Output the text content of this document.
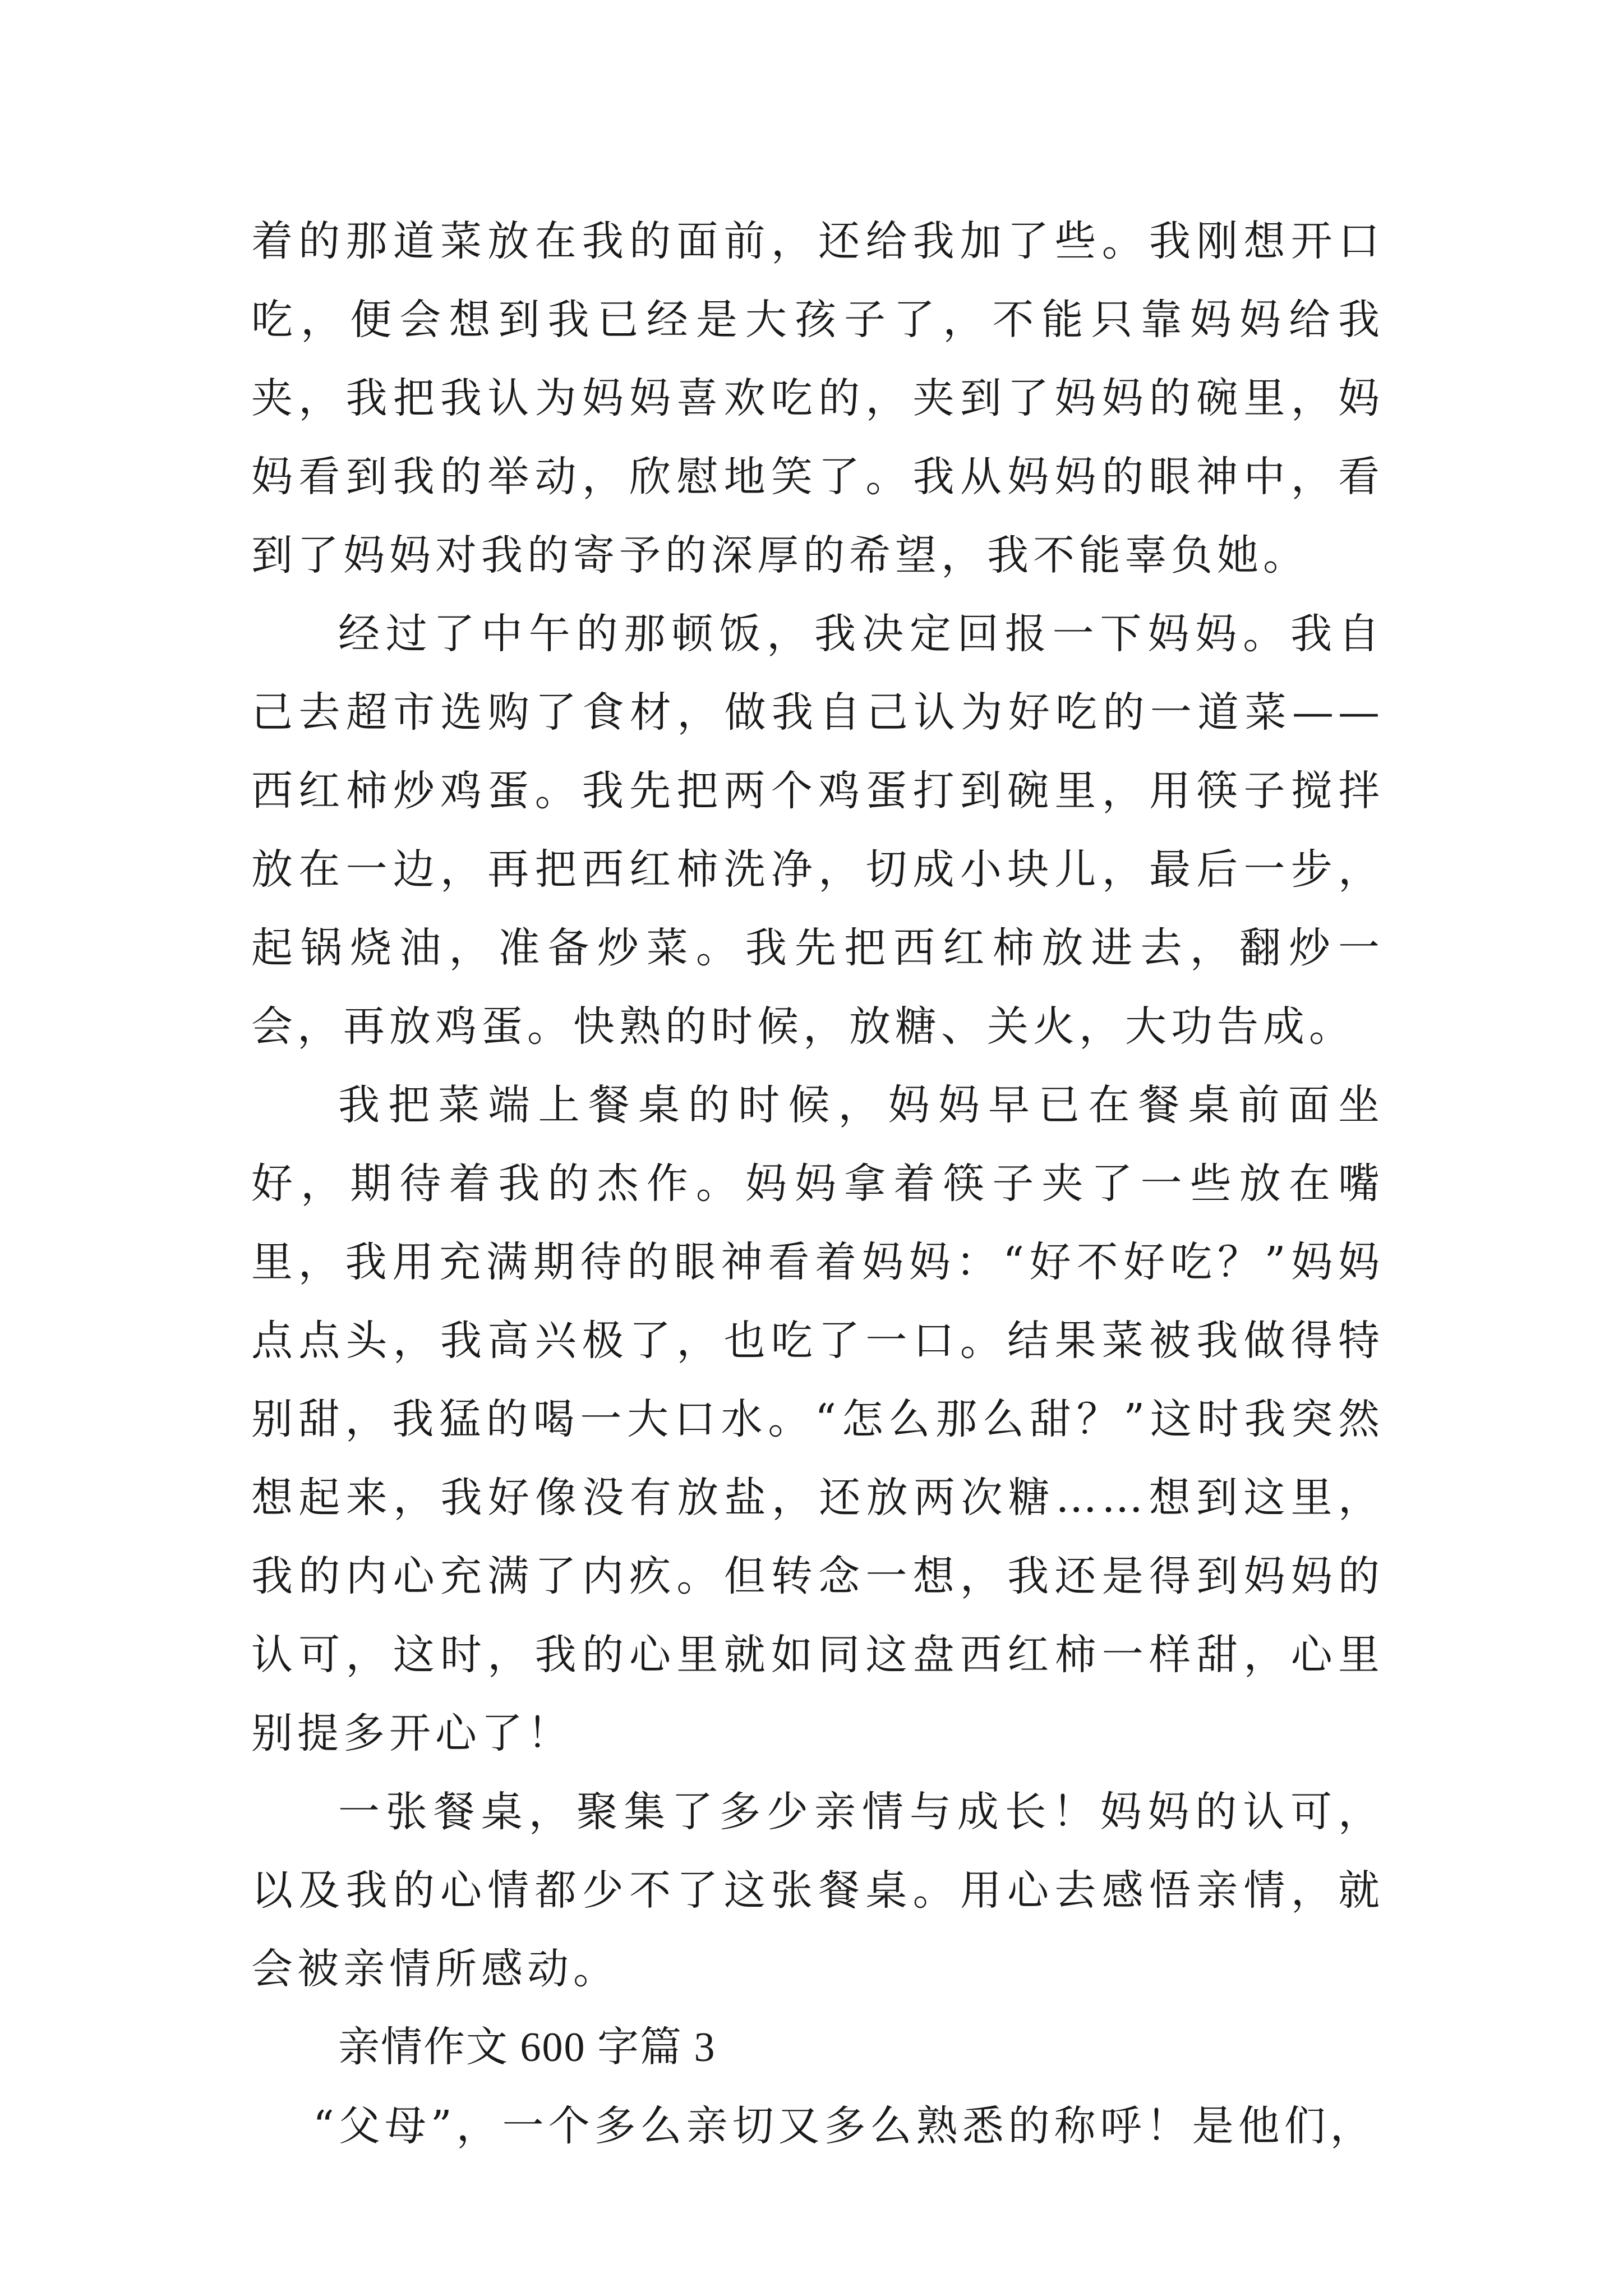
着的那道菜放在我的面前，还给我加了些。我刚想开口吃，便会想到我已经是大孩子了，不能只靠妈妈给我夹，我把我认为妈妈喜欢吃的，夹到了妈妈的碗里，妈妈看到我的举动，欣慰地笑了。我从妈妈的眼神中，看到了妈妈对我的寄予的深厚的希望，我不能辜负她。

经过了中午的那顿饭，我决定回报一下妈妈。我自己去超市选购了食材，做我自己认为好吃的一道菜——西红柿炒鸡蛋。我先把两个鸡蛋打到碗里，用筷子搅拌放在一边，再把西红柿洗净，切成小块儿，最后一步，起锅烧油，准备炒菜。我先把西红柿放进去，翻炒一会，再放鸡蛋。快熟的时候，放糖、关火，大功告成。

我把菜端上餐桌的时候，妈妈早已在餐桌前面坐好，期待着我的杰作。妈妈拿着筷子夹了一些放在嘴里，我用充满期待的眼神看着妈妈：“好不好吃？”妈妈点点头，我高兴极了，也吃了一口。结果菜被我做得特别甜，我猛的喝一大口水。“怎么那么甜？”这时我突然想起来，我好像没有放盐，还放两次糖……想到这里，我的内心充满了内疚。但转念一想，我还是得到妈妈的认可，这时，我的心里就如同这盘西红柿一样甜，心里别提多开心了！

一张餐桌，聚集了多少亲情与成长！妈妈的认可，以及我的心情都少不了这张餐桌。用心去感悟亲情，就会被亲情所感动。

亲情作文 600 字篇 3

“父母”，一个多么亲切又多么熟悉的称呼！是他们，
